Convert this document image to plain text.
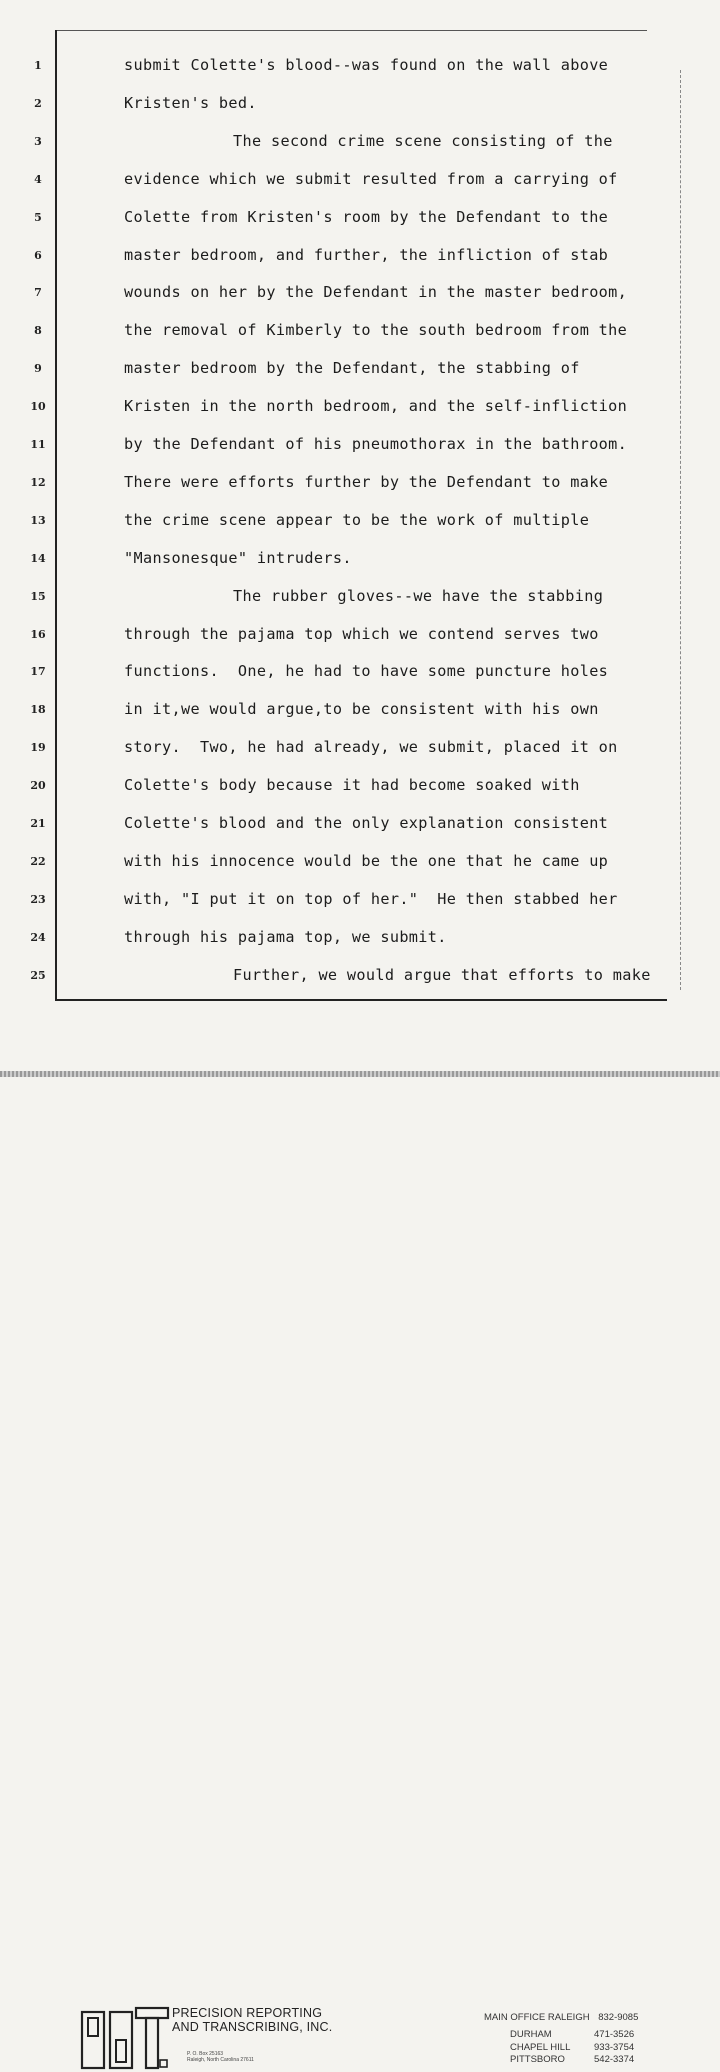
1
2
3
4
5
6
7
8
9
10
11
12
13
14
15
16
17
18
19
20
21
22
23
24
25
submit Colette's blood--was found on the wall above
Kristen's bed.
The second crime scene consisting of the
evidence which we submit resulted from a carrying of
Colette from Kristen's room by the Defendant to the
master bedroom, and further, the infliction of stab
wounds on her by the Defendant in the master bedroom,
the removal of Kimberly to the south bedroom from the
master bedroom by the Defendant, the stabbing of
Kristen in the north bedroom, and the self-infliction
by the Defendant of his pneumothorax in the bathroom.
There were efforts further by the Defendant to make
the crime scene appear to be the work of multiple
"Mansonesque" intruders.
The rubber gloves--we have the stabbing
through the pajama top which we contend serves two
functions.  One, he had to have some puncture holes
in it,we would argue,to be consistent with his own
story.  Two, he had already, we submit, placed it on
Colette's body because it had become soaked with
Colette's blood and the only explanation consistent
with his innocence would be the one that he came up
with, "I put it on top of her."  He then stabbed her
through his pajama top, we submit.
Further, we would argue that efforts to make
PRECISION REPORTING
AND TRANSCRIBING, INC.
P. O. Box 25163
Raleigh, North Carolina 27611
MAIN OFFICE RALEIGH 832-9085
DURHAM	471-3526
CHAPEL HILL 933-3754
PITTSBORO	542-3374
